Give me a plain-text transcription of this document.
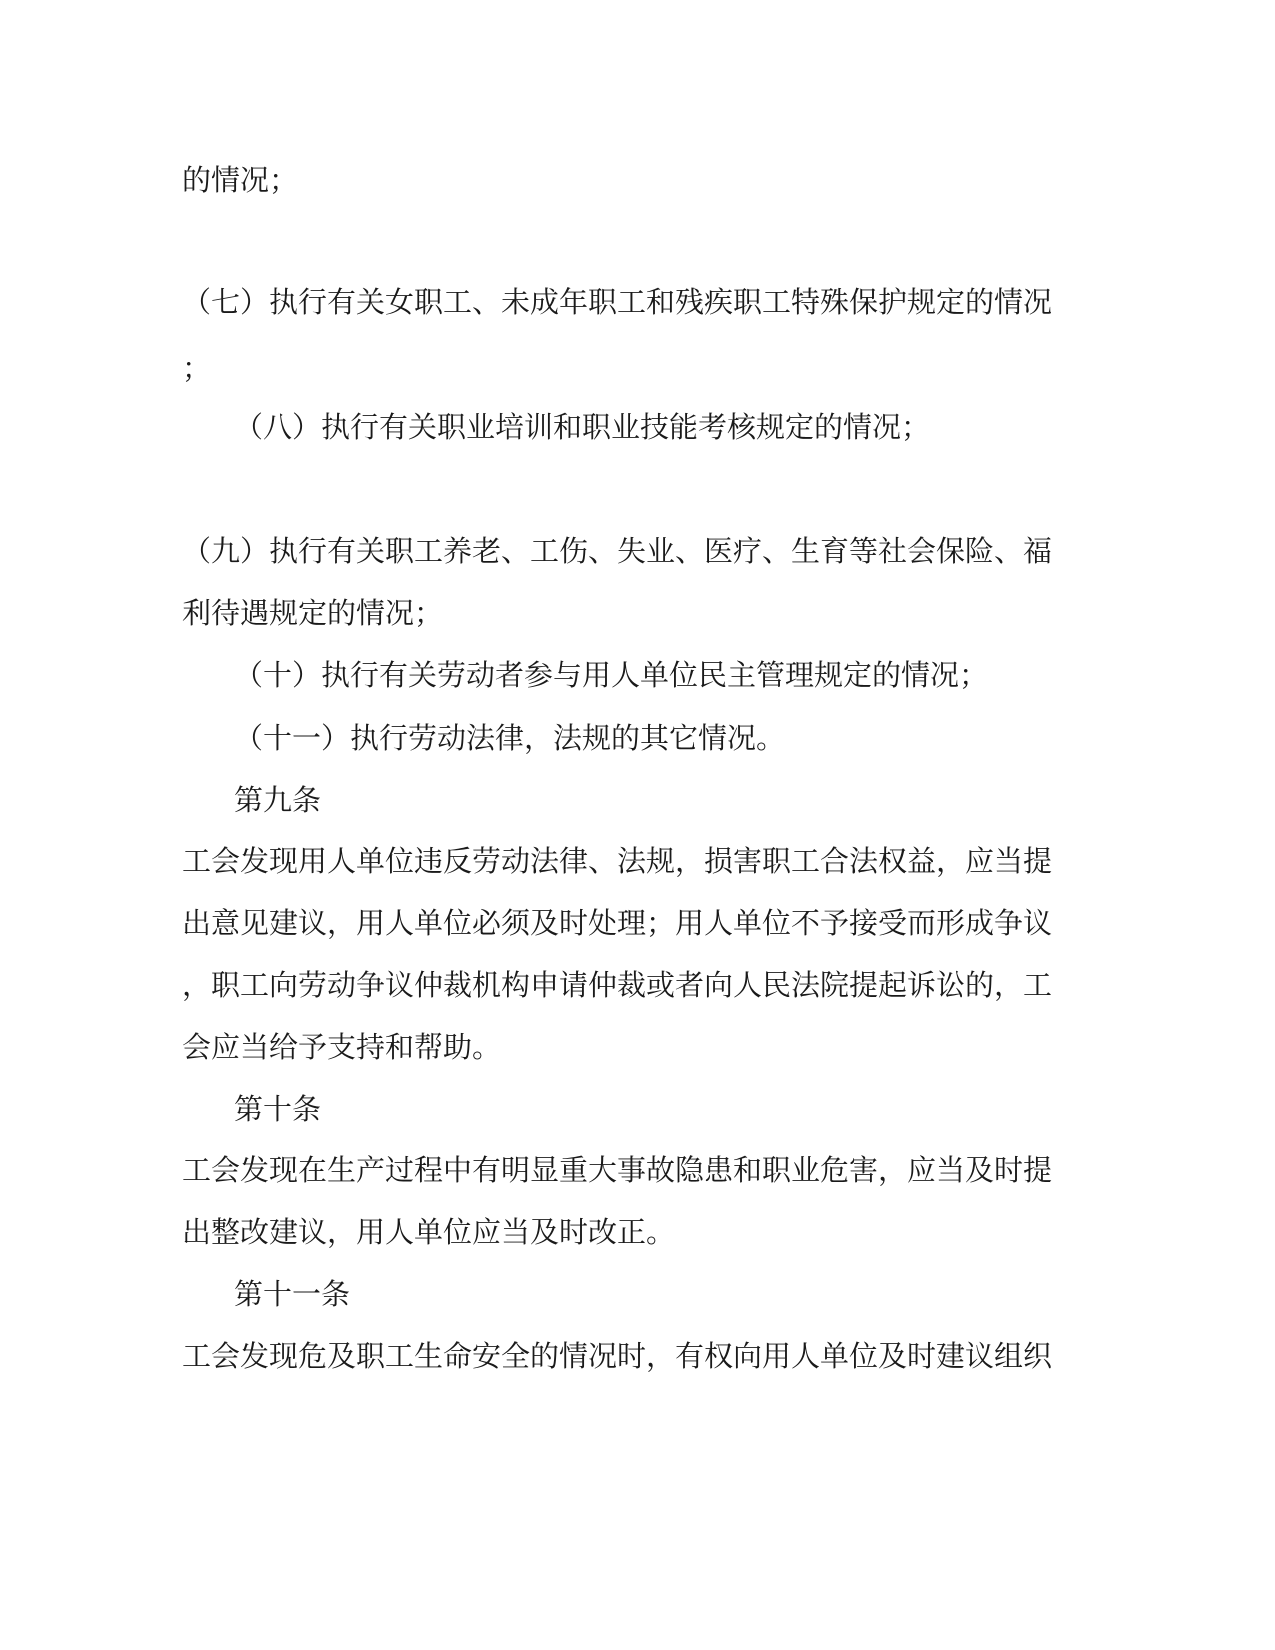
的情况；

（七）执行有关女职工、未成年职工和残疾职工特殊保护规定的情况

；

（八）执行有关职业培训和职业技能考核规定的情况；

（九）执行有关职工养老、工伤、失业、医疗、生育等社会保险、福

利待遇规定的情况；

（十）执行有关劳动者参与用人单位民主管理规定的情况；

（十一）执行劳动法律，法规的其它情况。

第九条

工会发现用人单位违反劳动法律、法规，损害职工合法权益，应当提

出意见建议，用人单位必须及时处理；用人单位不予接受而形成争议

，职工向劳动争议仲裁机构申请仲裁或者向人民法院提起诉讼的，工

会应当给予支持和帮助。

第十条

工会发现在生产过程中有明显重大事故隐患和职业危害，应当及时提

出整改建议，用人单位应当及时改正。

第十一条

工会发现危及职工生命安全的情况时，有权向用人单位及时建议组织
